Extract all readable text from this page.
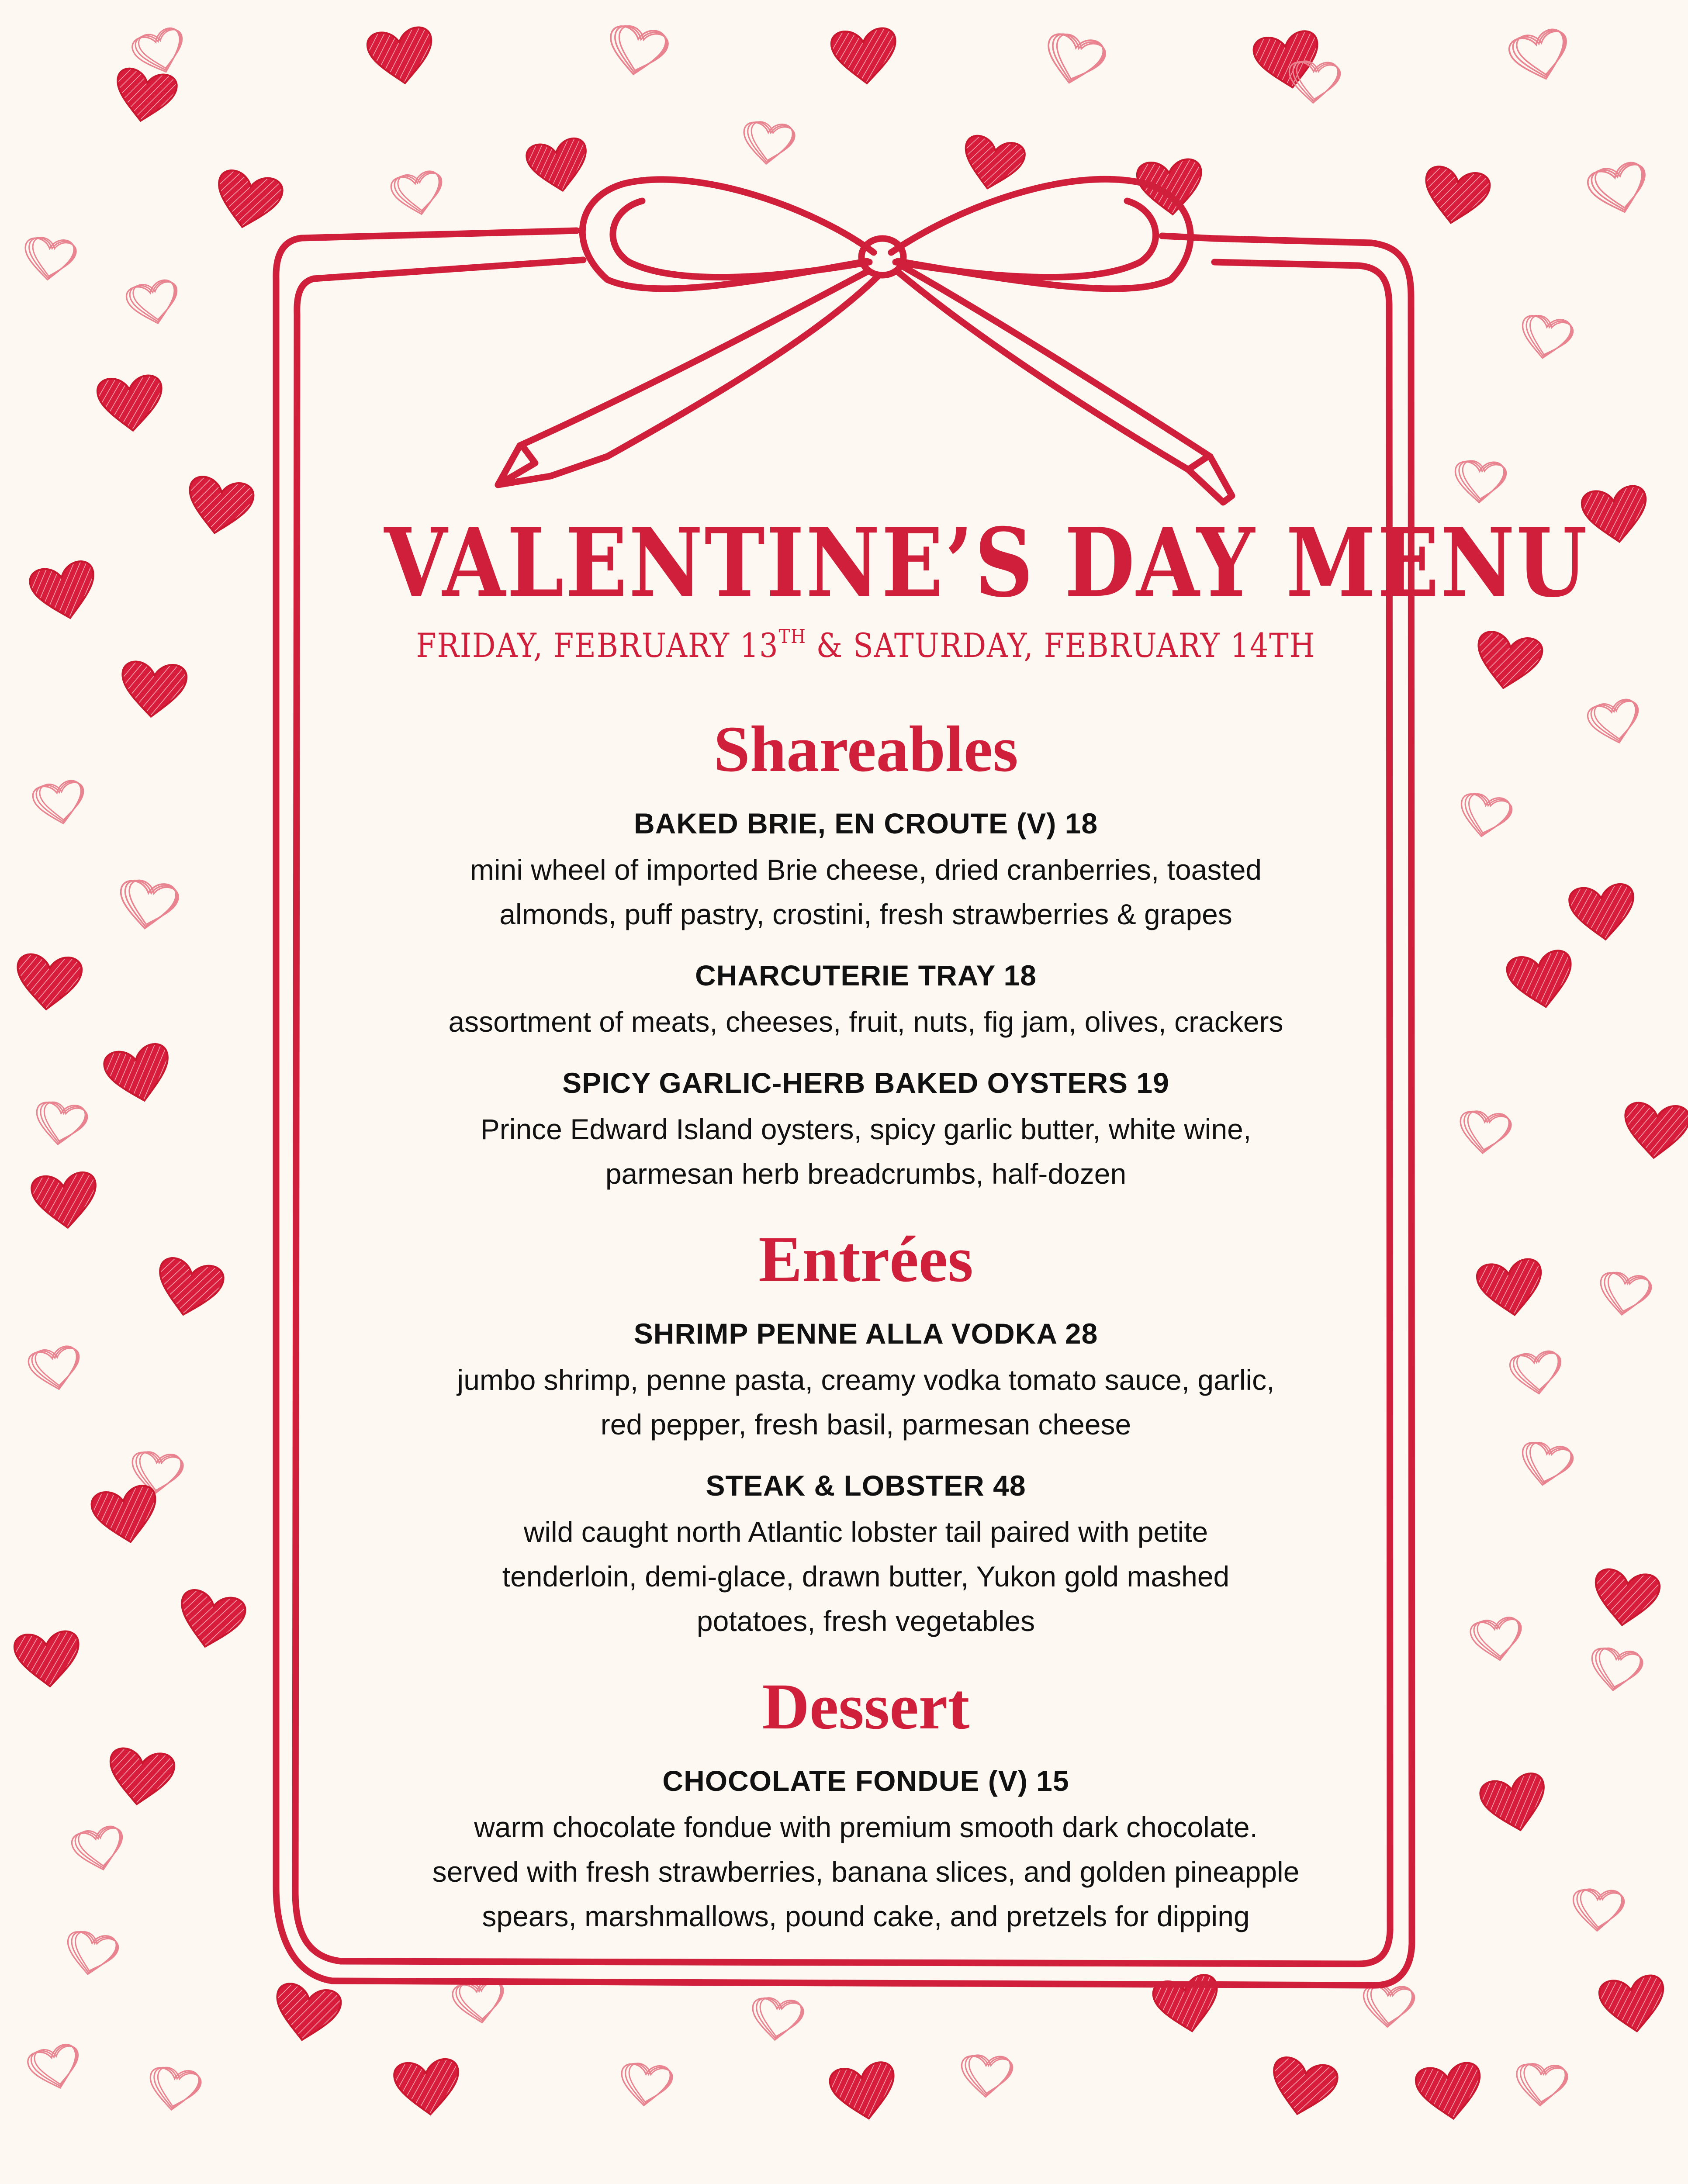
VALENTINE’S DAY MENU
FRIDAY, FEBRUARY 13TH & SATURDAY, FEBRUARY 14TH
Shareables
BAKED BRIE, EN CROUTE (V) 18
mini wheel of imported Brie cheese, dried cranberries, toasted
almonds, puff pastry, crostini, fresh strawberries & grapes
CHARCUTERIE TRAY 18
assortment of meats, cheeses, fruit, nuts, fig jam, olives, crackers
SPICY GARLIC-HERB BAKED OYSTERS 19
Prince Edward Island oysters, spicy garlic butter, white wine,
parmesan herb breadcrumbs, half-dozen
Entrées
SHRIMP PENNE ALLA VODKA 28
jumbo shrimp, penne pasta, creamy vodka tomato sauce, garlic,
red pepper, fresh basil, parmesan cheese
STEAK & LOBSTER 48
wild caught north Atlantic lobster tail paired with petite
tenderloin, demi-glace, drawn butter, Yukon gold mashed
potatoes, fresh vegetables
Dessert
CHOCOLATE FONDUE (V) 15
warm chocolate fondue with premium smooth dark chocolate.
served with fresh strawberries, banana slices, and golden pineapple
spears, marshmallows, pound cake, and pretzels for dipping
